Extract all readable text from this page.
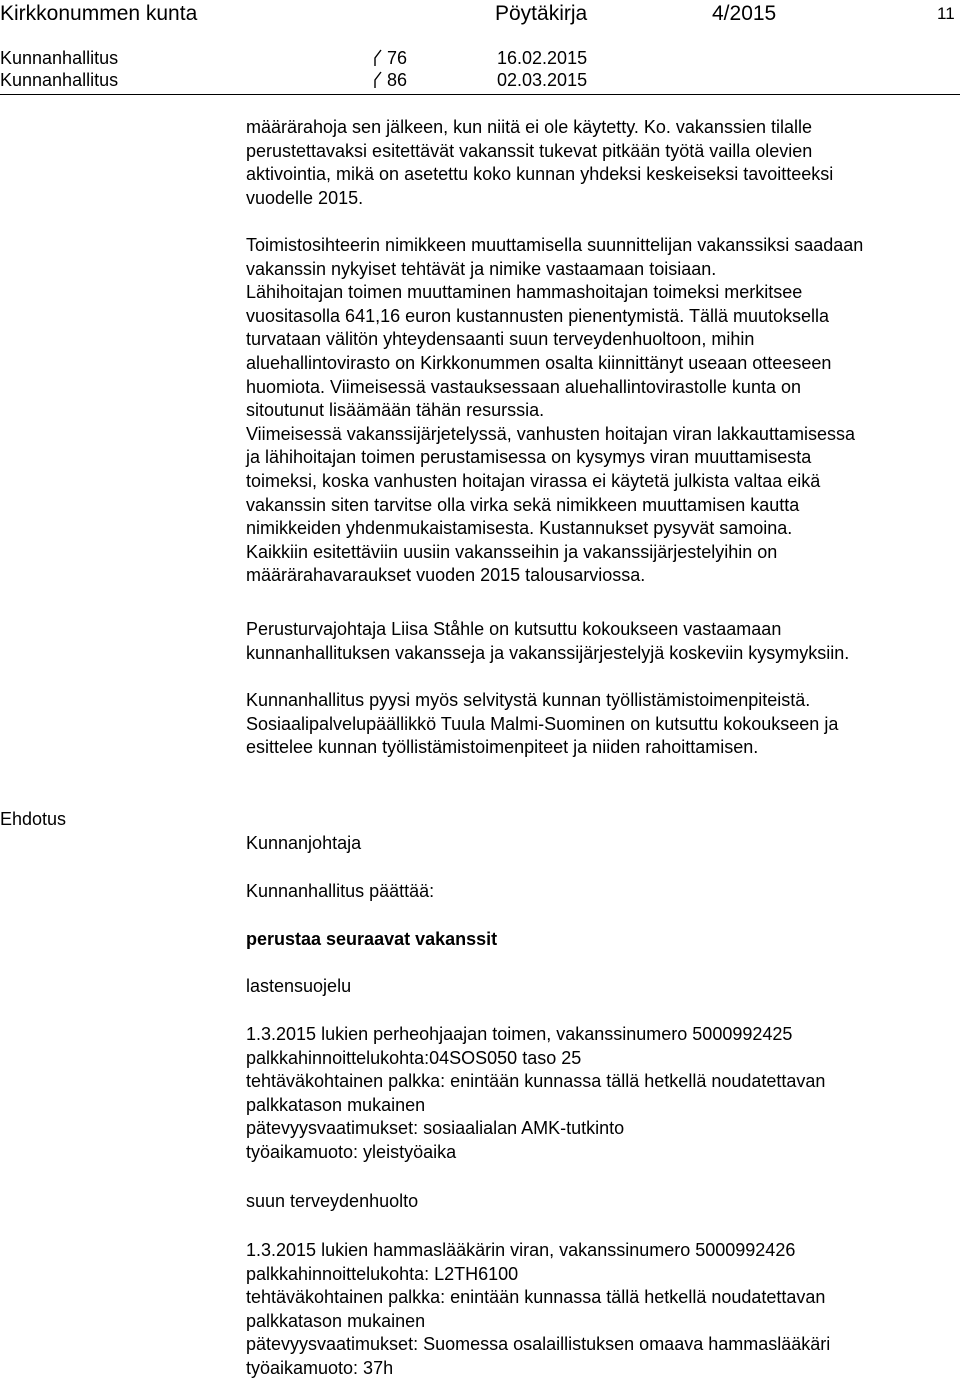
Kirkkonummen kunta	Pöytäkirja	4/2015	11
Kunnanhallitus	76	16.02.2015
Kunnanhallitus	86	02.03.2015
määrärahoja sen jälkeen, kun niitä ei ole käytetty. Ko. vakanssien tilalle
perustettavaksi esitettävät vakanssit tukevat pitkään työtä vailla olevien
aktivointia, mikä on asetettu koko kunnan yhdeksi keskeiseksi tavoitteeksi
vuodelle 2015.
Toimistosihteerin nimikkeen muuttamisella suunnittelijan vakanssiksi saadaan
vakanssin nykyiset tehtävät ja nimike vastaamaan toisiaan.
Lähihoitajan toimen muuttaminen hammashoitajan toimeksi merkitsee
vuositasolla 641,16 euron kustannusten pienentymistä. Tällä muutoksella
turvataan välitön yhteydensaanti suun terveydenhuoltoon, mihin
aluehallintovirasto on Kirkkonummen osalta kiinnittänyt useaan otteeseen
huomiota. Viimeisessä vastauksessaan aluehallintovirastolle kunta on
sitoutunut lisäämään tähän resurssia.
Viimeisessä vakanssijärjetelyssä, vanhusten hoitajan viran lakkauttamisessa
ja lähihoitajan toimen perustamisessa on kysymys viran muuttamisesta
toimeksi, koska vanhusten hoitajan virassa ei käytetä julkista valtaa eikä
vakanssin siten tarvitse olla virka sekä nimikkeen muuttamisen kautta
nimikkeiden yhdenmukaistamisesta. Kustannukset pysyvät samoina.
Kaikkiin esitettäviin uusiin vakansseihin ja vakanssijärjestelyihin on
määrärahavaraukset vuoden 2015 talousarviossa.
Perusturvajohtaja Liisa Ståhle on kutsuttu kokoukseen vastaamaan
kunnanhallituksen vakansseja ja vakanssijärjestelyjä koskeviin kysymyksiin.
Kunnanhallitus pyysi myös selvitystä kunnan työllistämistoimenpiteistä.
Sosiaalipalvelupäällikkö Tuula Malmi-Suominen on kutsuttu kokoukseen ja
esittelee kunnan työllistämistoimenpiteet ja niiden rahoittamisen.
Ehdotus
Kunnanjohtaja
Kunnanhallitus päättää:
perustaa seuraavat vakanssit
lastensuojelu
1.3.2015 lukien perheohjaajan toimen, vakanssinumero 5000992425
palkkahinnoittelukohta:04SOS050 taso 25
tehtäväkohtainen palkka: enintään kunnassa tällä hetkellä noudatettavan
palkkatason mukainen
pätevyysvaatimukset: sosiaalialan AMK-tutkinto
työaikamuoto: yleistyöaika
suun terveydenhuolto
1.3.2015 lukien hammaslääkärin viran, vakanssinumero 5000992426
palkkahinnoittelukohta: L2TH6100
tehtäväkohtainen palkka: enintään kunnassa tällä hetkellä noudatettavan
palkkatason mukainen
pätevyysvaatimukset: Suomessa osalaillistuksen omaava hammaslääkäri
työaikamuoto: 37h
